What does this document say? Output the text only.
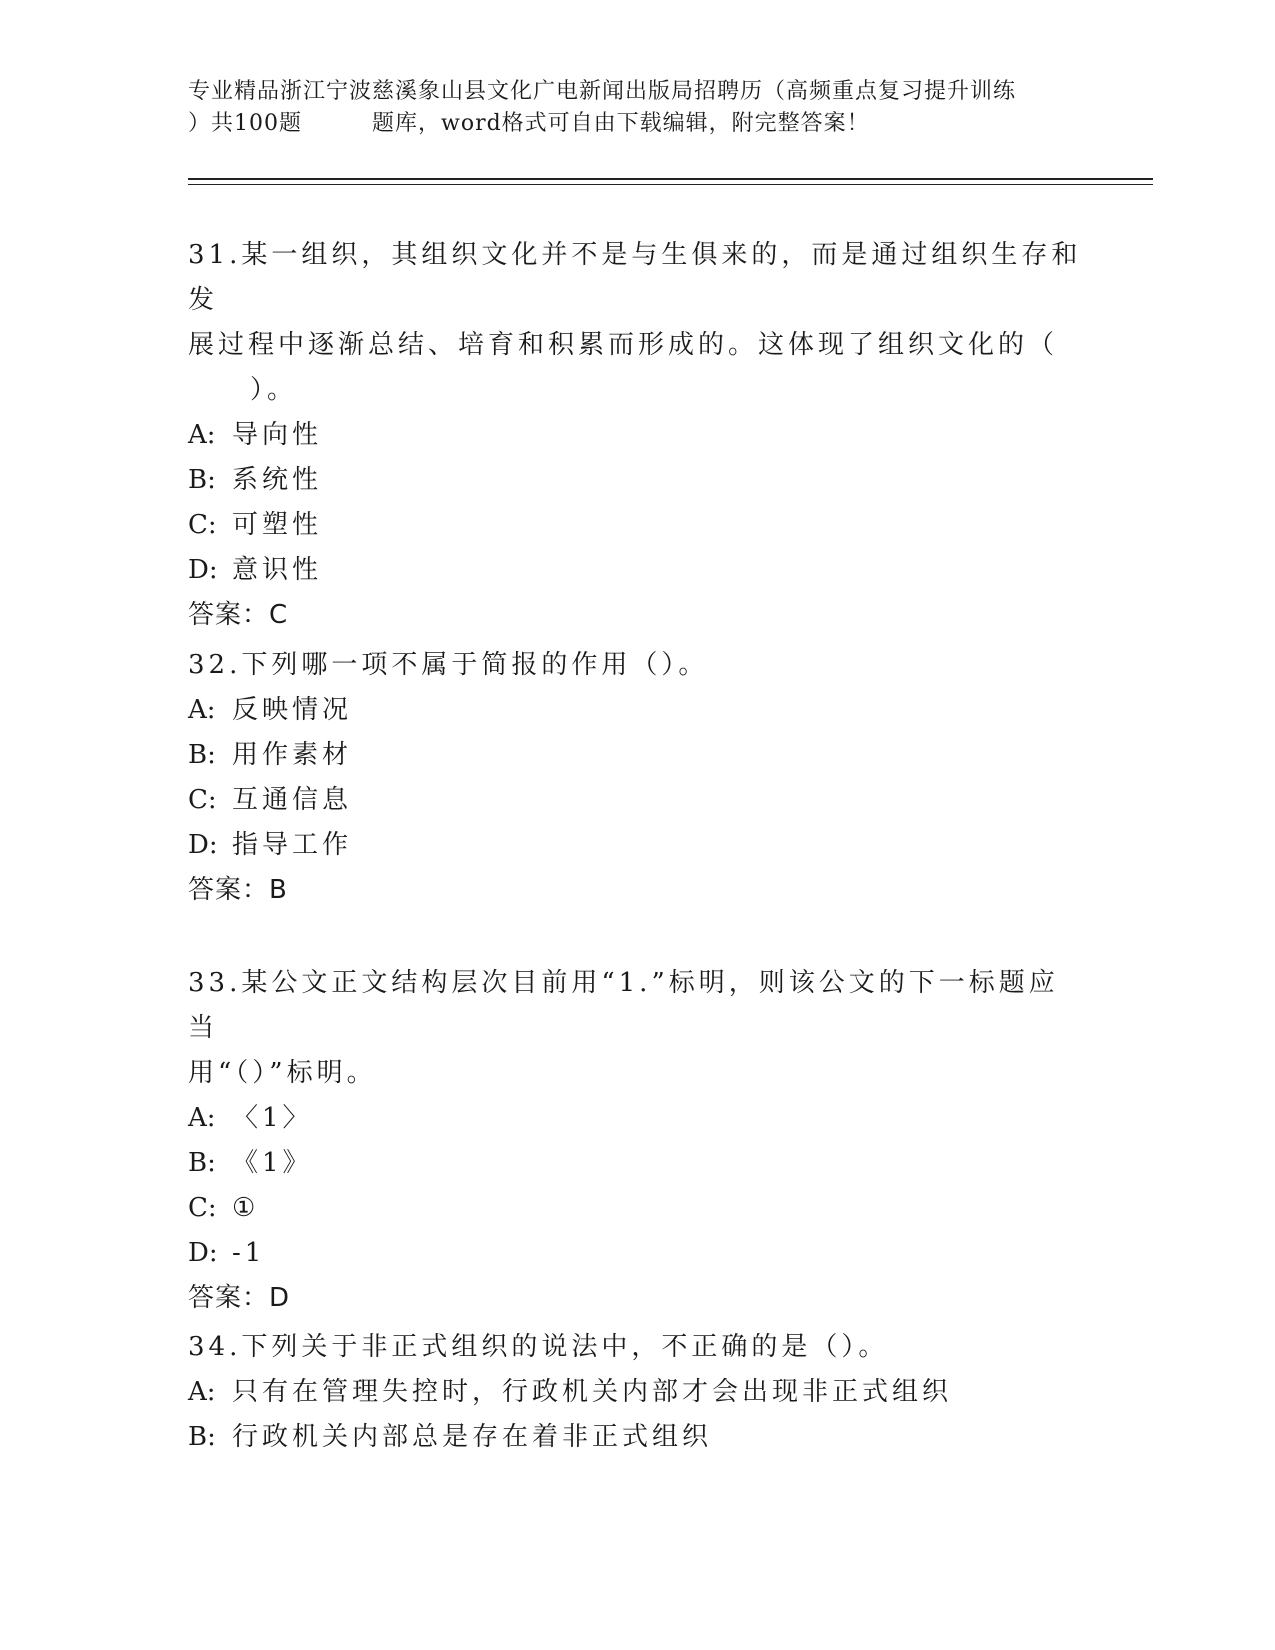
专业精品浙江宁波慈溪象山县文化广电新闻出版局招聘历（高频重点复习提升训练
）共100题	题库，word格式可自由下载编辑，附完整答案！
31.某一组织，其组织文化并不是与生俱来的，而是通过组织生存和发
展过程中逐渐总结、培育和积累而形成的。这体现了组织文化的（
）。
A: 导向性
B: 系统性
C: 可塑性
D: 意识性
答案：C
32.下列哪一项不属于简报的作用（）。
A: 反映情况
B: 用作素材
C: 互通信息
D: 指导工作
答案：B
33.某公文正文结构层次目前用“1.”标明，则该公文的下一标题应当
用“（）”标明。
A: 〈1〉
B: 《1》
C: ①
D: -1
答案：D
34.下列关于非正式组织的说法中，不正确的是（）。
A: 只有在管理失控时，行政机关内部才会出现非正式组织
B: 行政机关内部总是存在着非正式组织
